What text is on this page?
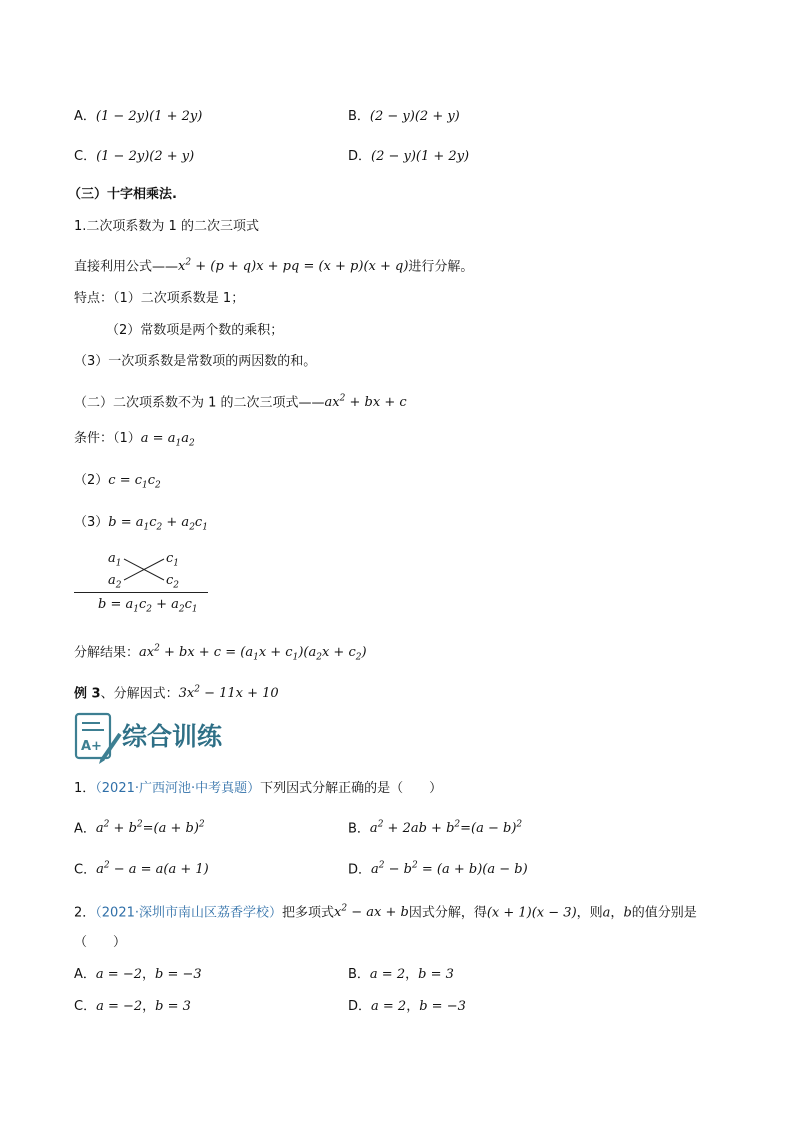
A．(1 − 2y)(1 + 2y)	B．(2 − y)(2 + y)
C．(1 − 2y)(2 + y)	D．(2 − y)(1 + 2y)
（三）十字相乘法.
1.二次项系数为 1 的二次三项式
直接利用公式$——x^2 + (p + q)x$ + pq = (x + p)(x + q)进行分解。
特点：（1）二次项系数是 1；
（2）常数项是两个数的乘积；
（3）一次项系数是常数项的两因数的和。
（二）二次项系数不为 1 的二次三项式$——ax^2$ + bx + c
条件：$(1)a = a_1a_2$
$(2)c = c_1c_2$
$(3)b = a_1c_2 + a_2c_1$
$a_1$	$c_1$
$a_2$	$c_2$
$b = a_1c_2 + a_2c_1$
分解结果：$ax^2$ + bx + $c = (a_1x + c_1)(a_2x + c_2)$
例 3、分解因式：$3x^2 - 11x + 10$
A+ 综合训练
1．（2021·广西河池·中考真题）下列因式分解正确的是（　　）
A．$a^2 + b^2=(a + b)^2$	B．$a^2 + 2ab + b^2=(a - b)^2$
C．$a^2 - a = a(a + 1)$	D．$a^2 - b^2 = (a + b)(a - b)$
2．（2021·深圳市南山区荔香学校）把多项式$x^2$ − ax + b因式分解，得(x + 1)(x − 3)，则a，b的值分别是
（　　）
A．a = −2，b = −3	B．a = 2，b = 3
C．a = −2，b = 3	D．a = 2，b = −3
